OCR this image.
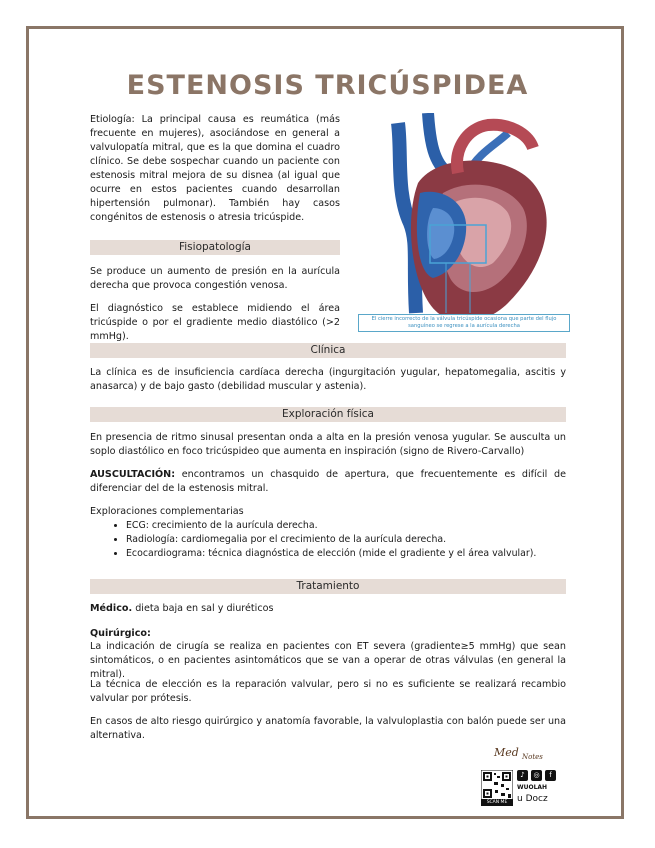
ESTENOSIS TRICÚSPIDEA

Etiología: La principal causa es reumática (más frecuente en mujeres), asociándose en general a valvulopatía mitral, que es la que domina el cuadro clínico. Se debe sospechar cuando un paciente con estenosis mitral mejora de su disnea (al igual que ocurre en estos pacientes cuando desarrollan hipertensión pulmonar). También hay casos congénitos de estenosis o atresia tricúspide.

El cierre incorrecto de la válvula tricúspide ocasiona que parte del flujo sanguíneo se regrese a la aurícula derecha
Fisiopatología

Se produce un aumento de presión en la aurícula derecha que provoca congestión venosa.

El diagnóstico se establece midiendo el área tricúspide o por el gradiente medio diastólico (>2 mmHg).

Clínica

La clínica es de insuficiencia cardíaca derecha (ingurgitación yugular, hepatomegalia, ascitis y anasarca) y de bajo gasto (debilidad muscular y astenia).

Exploración física

En presencia de ritmo sinusal presentan onda a alta en la presión venosa yugular. Se ausculta un soplo diastólico en foco tricúspideo que aumenta en inspiración (signo de Rivero-Carvallo)

AUSCULTACIÓN: encontramos un chasquido de apertura, que frecuentemente es difícil de diferenciar del de la estenosis mitral.

Exploraciones complementarias

• ECG: crecimiento de la aurícula derecha.
• Radiología: cardiomegalia por el crecimiento de la aurícula derecha.
• Ecocardiograma: técnica diagnóstica de elección (mide el gradiente y el área valvular).
Tratamiento

Médico. dieta baja en sal y diuréticos

Quirúrgico:

La indicación de cirugía se realiza en pacientes con ET severa (gradiente≥5 mmHg) que sean sintomáticos, o en pacientes asintomáticos que se van a operar de otras válvulas (en general la mitral).

La técnica de elección es la reparación valvular, pero si no es suficiente se realizará recambio valvular por prótesis.

En casos de alto riesgo quirúrgico y anatomía favorable, la valvuloplastia con balón puede ser una alternativa.

Med Notes
SCAN ME
♪	◎	f
WUOLAH
u Docz
